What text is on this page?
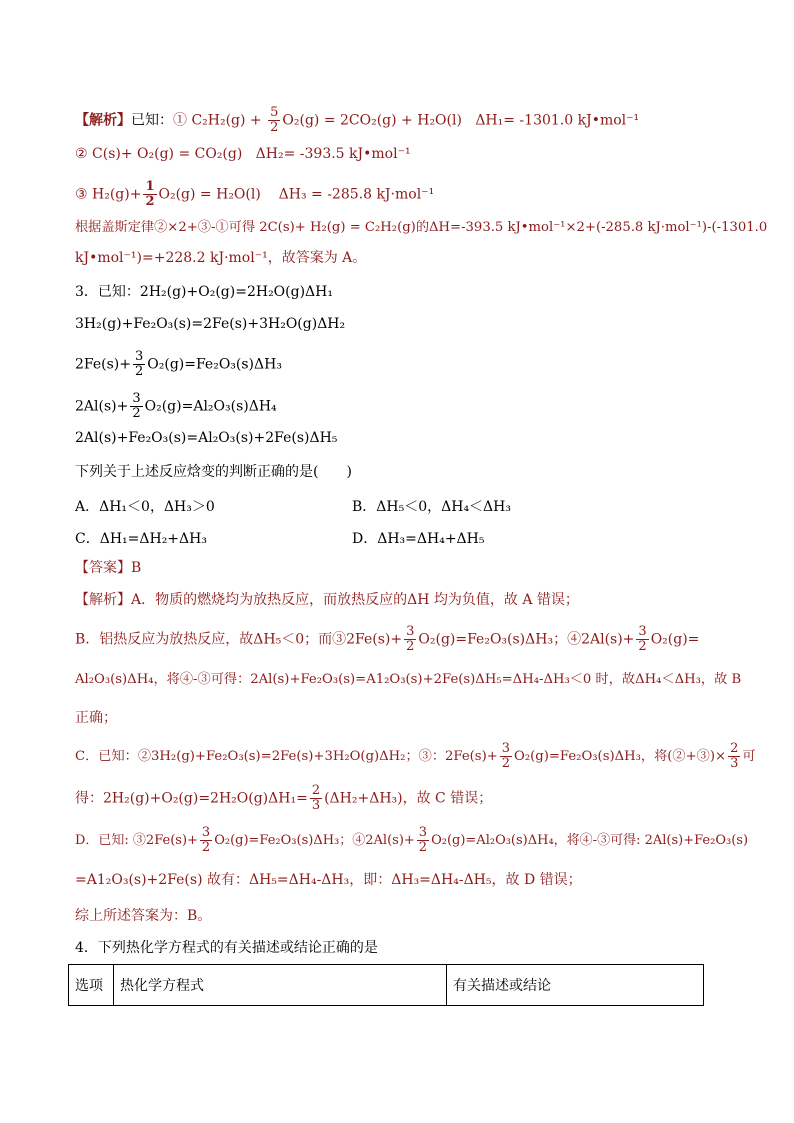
【解析】已知：① $C_2H_2(g) + \frac{5}{2} O_2(g) = 2CO_2(g) + H_2O(l)$ ΔH₁= -1301.0 kJ•mol⁻¹
② C(s)+ O₂(g) = CO₂(g) ΔH₂= -393.5 kJ•mol⁻¹
③ $H_2(g)+ \frac{1}{2} O_2(g) = H_2O(l) \Delta H_3 = -285.8$ kJ·mol⁻¹
根据盖斯定律②×2+③-①可得 2C(s)+ H₂(g) = C₂H₂(g)的ΔH=-393.5 kJ•mol⁻¹×2+(-285.8 kJ·mol⁻¹)-(-1301.0
kJ•mol⁻¹)=+228.2 kJ·mol⁻¹，故答案为 A。
3．已知：2H₂(g)+O₂(g)=2H₂O(g)ΔH₁
3H₂(g)+Fe₂O₃(s)=2Fe(s)+3H₂O(g)ΔH₂
$2Fe(s)+ \frac{3}{2} O_2(g)=Fe_2O_3(s)\Delta H_3$
$2Al(s)+ \frac{3}{2} O_2(g)=Al_2O_3(s)\Delta H_4$
2Al(s)+Fe₂O₃(s)=Al₂O₃(s)+2Fe(s)ΔH₅
下列关于上述反应焓变的判断正确的是(　　)
A．ΔH₁＜0，ΔH₃＞0	B．ΔH₅＜0，ΔH₄＜ΔH₃
C．ΔH₁=ΔH₂+ΔH₃	D．ΔH₃=ΔH₄+ΔH₅
【答案】B
【解析】A．物质的燃烧均为放热反应，而放热反应的ΔH 均为负值，故 A 错误；
B．铝热反应为放热反应，故ΔH₅＜0；而③2Fe(s)+ $\frac{3}{2} O_2(g)=Fe_2O_3(s)\Delta H_3$；④2Al(s)+ $\frac{3}{2} O_2(g)=$
Al₂O₃(s)ΔH₄，将④-③可得：2Al(s)+Fe₂O₃(s)=A1₂O₃(s)+2Fe(s)ΔH₅=ΔH₄-ΔH₃＜0 时，故ΔH₄＜ΔH₃，故 B
正确；
C．已知：②3H₂(g)+Fe₂O₃(s)=2Fe(s)+3H₂O(g)ΔH₂；③：$2Fe(s)+ \frac{3}{2} O_2(g)=Fe_2O_3(s)\Delta H_3$，将(②+③)× $\frac{2}{3}$ 可
得：$2H_2(g)+O_2(g)=2H_2O(g)\Delta H_1= \frac{2}{3} (\Delta H_2+\Delta H_3)$，故 C 错误；
D．已知: ③2Fe(s)+ $\frac{3}{2} O_2(g)=Fe_2O_3(s)\Delta H_3$；④2Al(s)+ $\frac{3}{2} O_2(g)=Al_2O_3(s)\Delta H_4$，将④-③可得: 2Al(s)+Fe₂O₃(s)
=A1₂O₃(s)+2Fe(s) 故有：ΔH₅=ΔH₄-ΔH₃，即：ΔH₃=ΔH₄-ΔH₅，故 D 错误；
综上所述答案为：B。
4．下列热化学方程式的有关描述或结论正确的是
选项	热化学方程式	有关描述或结论
